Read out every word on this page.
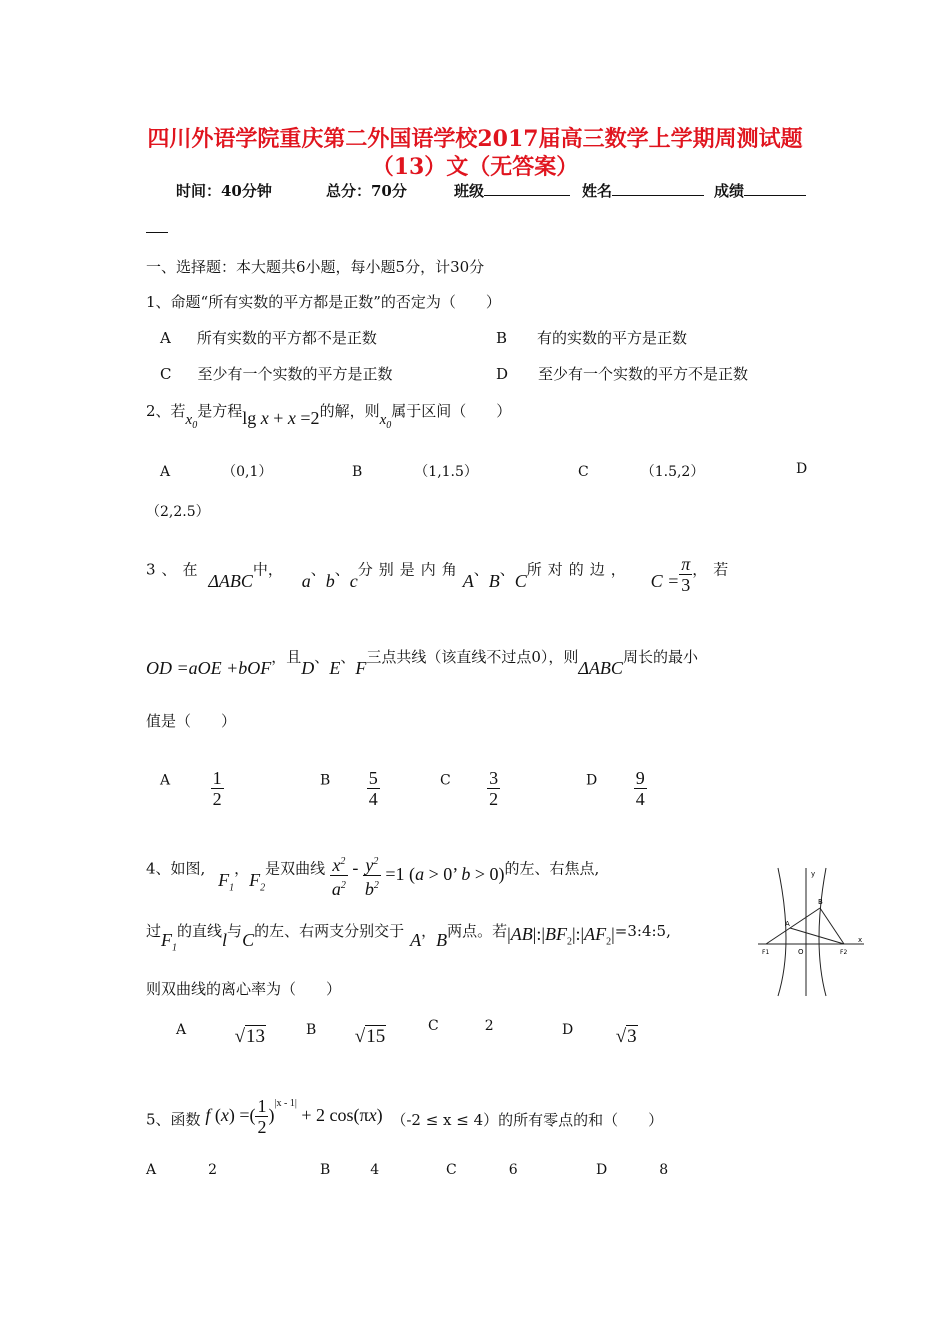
四川外语学院重庆第二外国语学校2017届高三数学上学期周测试题
（13）文（无答案）
时间：40分钟	总分：70分	班级	姓名	成绩
一、选择题：本大题共6小题，每小题5分，计30分
1、命题“所有实数的平方都是正数”的否定为（　　）
A 所有实数的平方都不是正数	B 有的实数的平方是正数
C 至少有一个实数的平方是正数	D 至少有一个实数的平方不是正数
2、若$x_0$是方程lg x + x =2的解，则$x_0$属于区间（　　）
A	（0,1）	B	（1,1.5）	C	（1.5,2）	D
（2,2.5）
3、在 ΔABC中， a、b、c分别是内角A、B、C所对的边， $C = \frac{\pi}{3}$ ，若
OD =aOE +bOF，且D、E、F三点共线（该直线不过点0），则ΔABC周长的最小
值是（　　）
A $\frac{1}{2}$	B $\frac{5}{4}$	C $\frac{3}{2}$	D $\frac{9}{4}$
4、如图, $F_1$，$F_2$是双曲线 $\frac{x^2}{a^2} - \frac{y^2}{b^2} =1$ (a > 0’ b > 0)的左、右焦点,
过$F_1$的直线l与C的左、右两支分别交于 A，B两点。若$|AB|:|BF_2|:|AF_2|=3:4:5$,
则双曲线的离心率为（　　）
A
B
y
x
O
F1	F2
A	√13	B √15	C	2	D √3
5、函数 f (x) =( $\frac{1}{2} )^{|x - 1|} + 2$ cos(πx) （-2 ≤ x ≤ 4）的所有零点的和（　　）
A	2	B	4	C	6	D	8
